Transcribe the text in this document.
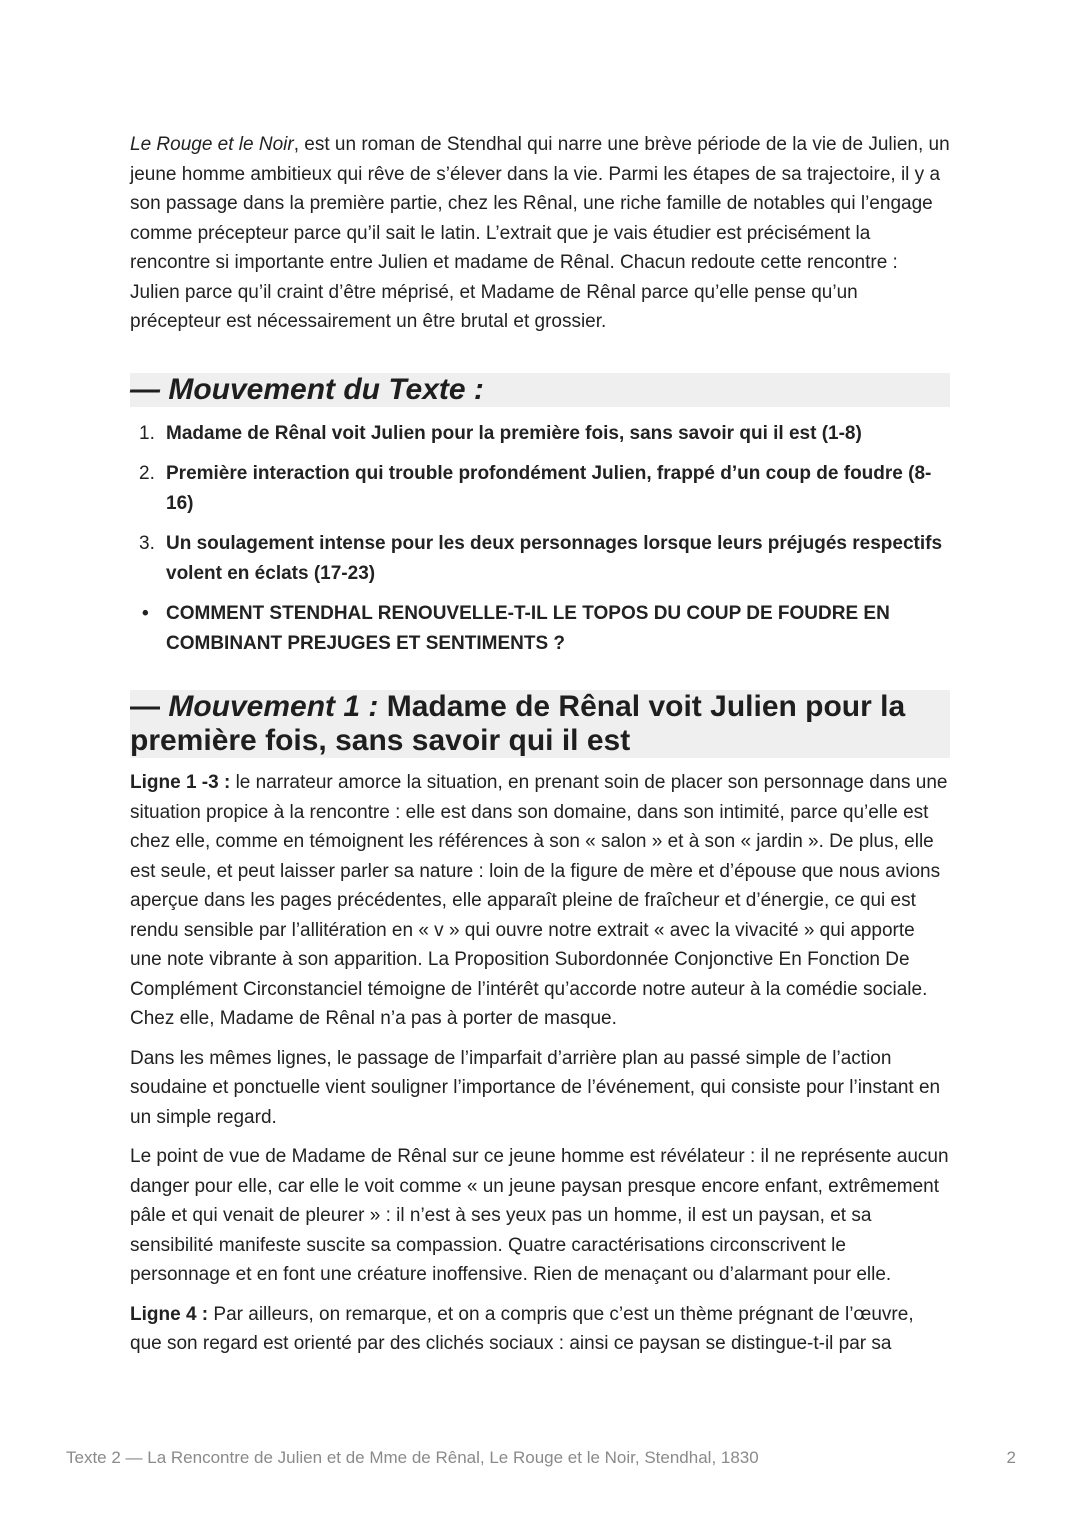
Le Rouge et le Noir, est un roman de Stendhal qui narre une brève période de la vie de Julien, un jeune homme ambitieux qui rêve de s’élever dans la vie. Parmi les étapes de sa trajectoire, il y a son passage dans la première partie, chez les Rênal, une riche famille de notables qui l’engage comme précepteur parce qu’il sait le latin. L’extrait que je vais étudier est précisément la rencontre si importante entre Julien et madame de Rênal. Chacun redoute cette rencontre : Julien parce qu’il craint d’être méprisé, et Madame de Rênal parce qu’elle pense qu’un précepteur est nécessairement un être brutal et grossier.

— Mouvement du Texte :
1. Madame de Rênal voit Julien pour la première fois, sans savoir qui il est (1-8)
2. Première interaction qui trouble profondément Julien, frappé d’un coup de foudre (8-16)
3. Un soulagement intense pour les deux personnages lorsque leurs préjugés respectifs volent en éclats (17-23)
• COMMENT STENDHAL RENOUVELLE-T-IL LE TOPOS DU COUP DE FOUDRE EN COMBINANT PREJUGES ET SENTIMENTS ?
— Mouvement 1 : Madame de Rênal voit Julien pour la première fois, sans savoir qui il est

Ligne 1 -3 : le narrateur amorce la situation, en prenant soin de placer son personnage dans une situation propice à la rencontre : elle est dans son domaine, dans son intimité, parce qu’elle est chez elle, comme en témoignent les références à son « salon » et à son « jardin ». De plus, elle est seule, et peut laisser parler sa nature : loin de la figure de mère et d’épouse que nous avions aperçue dans les pages précédentes, elle apparaît pleine de fraîcheur et d’énergie, ce qui est rendu sensible par l’allitération en « v » qui ouvre notre extrait « avec la vivacité » qui apporte une note vibrante à son apparition. La Proposition Subordonnée Conjonctive En Fonction De Complément Circonstanciel témoigne de l’intérêt qu’accorde notre auteur à la comédie sociale. Chez elle, Madame de Rênal n’a pas à porter de masque.

Dans les mêmes lignes, le passage de l’imparfait d’arrière plan au passé simple de l’action soudaine et ponctuelle vient souligner l’importance de l’événement, qui consiste pour l’instant en un simple regard.

Le point de vue de Madame de Rênal sur ce jeune homme est révélateur : il ne représente aucun danger pour elle, car elle le voit comme « un jeune paysan presque encore enfant, extrêmement pâle et qui venait de pleurer » : il n’est à ses yeux pas un homme, il est un paysan, et sa sensibilité manifeste suscite sa compassion. Quatre caractérisations circonscrivent le personnage et en font une créature inoffensive. Rien de menaçant ou d’alarmant pour elle.

Ligne 4 : Par ailleurs, on remarque, et on a compris que c’est un thème prégnant de l’œuvre, que son regard est orienté par des clichés sociaux : ainsi ce paysan se distingue-t-il par sa

Texte 2 — La Rencontre de Julien et de Mme de Rênal, Le Rouge et le Noir, Stendhal, 1830	2
